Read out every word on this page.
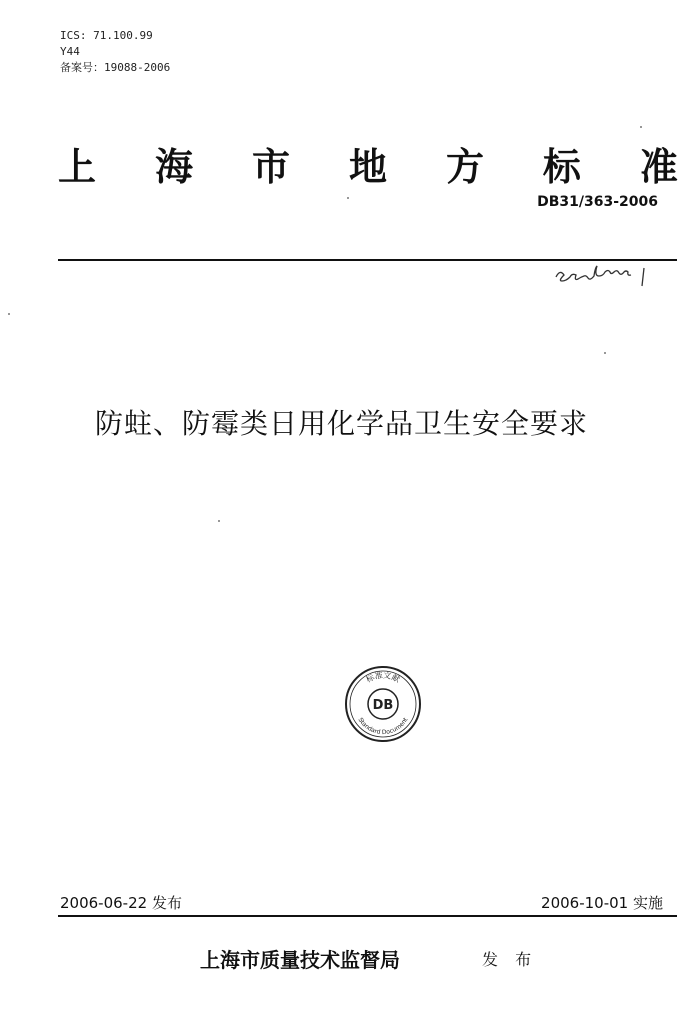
ICS: 71.100.99
Y44
备案号：19088-2006
上 海 市 地 方 标 准
DB31/363-2006
防蛀、防霉类日用化学品卫生安全要求
标准文献
Standard Document
DB
2006-06-22 发布	2006-10-01 实施
上海市质量技术监督局	发 布
